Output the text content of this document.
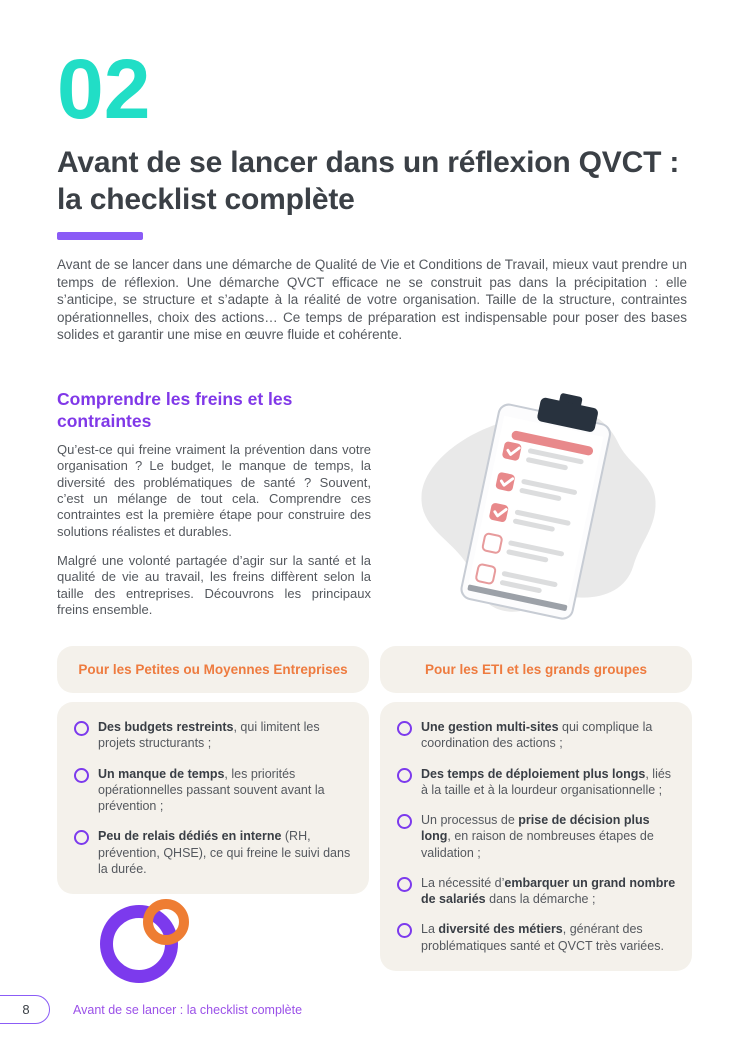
02
Avant de se lancer dans un réflexion QVCT : la checklist complète

Avant de se lancer dans une démarche de Qualité de Vie et Conditions de Travail, mieux vaut prendre un temps de réflexion. Une démarche QVCT efficace ne se construit pas dans la précipitation : elle s’anticipe, se structure et s’adapte à la réalité de votre organisation. Taille de la structure, contraintes opérationnelles, choix des actions… Ce temps de préparation est indispensable pour poser des bases solides et garantir une mise en œuvre fluide et cohérente.

Comprendre les freins et les contraintes

Qu’est-ce qui freine vraiment la prévention dans votre organisation ? Le budget, le manque de temps, la diversité des problématiques de santé ? Souvent, c’est un mélange de tout cela. Comprendre ces contraintes est la première étape pour construire des solutions réalistes et durables.

Malgré une volonté partagée d’agir sur la santé et la qualité de vie au travail, les freins diffèrent selon la taille des entreprises. Découvrons les principaux freins ensemble.

Pour les Petites ou Moyennes Entreprises
Des budgets restreints, qui limitent les projets structurants ;
Un manque de temps, les priorités opérationnelles passant souvent avant la prévention ;
Peu de relais dédiés en interne (RH, prévention, QHSE), ce qui freine le suivi dans la durée.
Pour les ETI et les grands groupes
Une gestion multi-sites qui complique la coordination des actions ;
Des temps de déploiement plus longs, liés à la taille et à la lourdeur organisationnelle ;
Un processus de prise de décision plus long, en raison de nombreuses étapes de validation ;
La nécessité d’embarquer un grand nombre de salariés dans la démarche ;
La diversité des métiers, générant des problématiques santé et QVCT très variées.
8	Avant de se lancer : la checklist complète
